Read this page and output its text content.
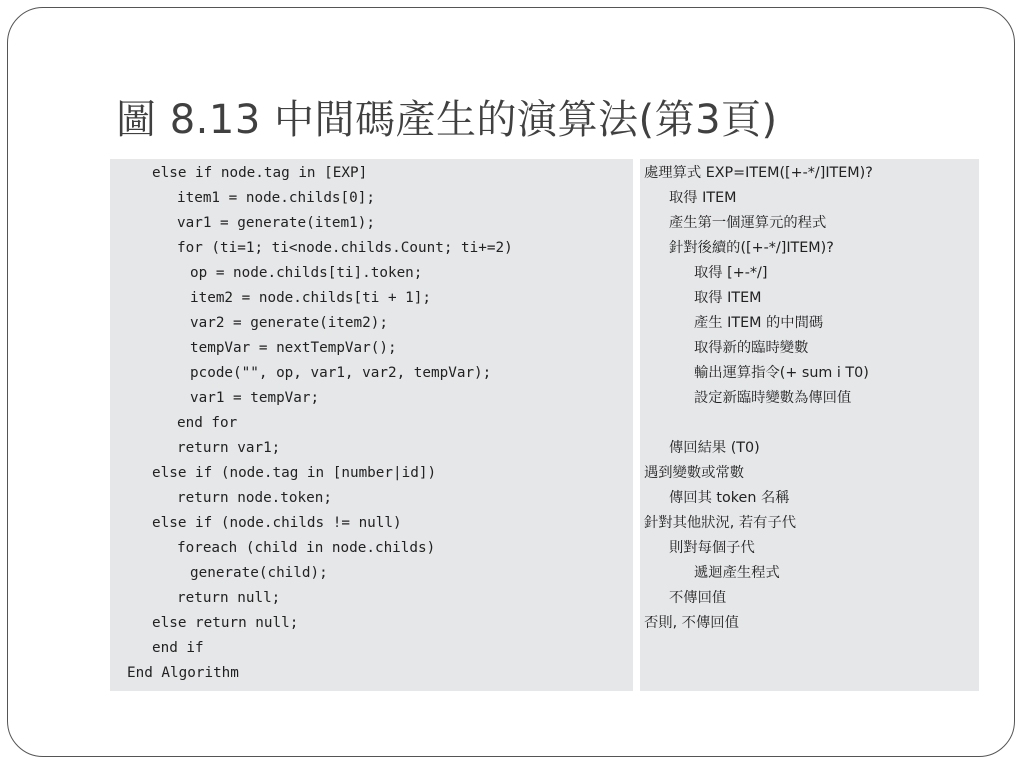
圖 8.13 中間碼產生的演算法(第3頁)
else if node.tag in [EXP]
item1 = node.childs[0];
var1 = generate(item1);
for (ti=1; ti<node.childs.Count; ti+=2)
op = node.childs[ti].token;
item2 = node.childs[ti + 1];
var2 = generate(item2);
tempVar = nextTempVar();
pcode("", op, var1, var2, tempVar);
var1 = tempVar;
end for
return var1;
else if (node.tag in [number|id])
return node.token;
else if (node.childs != null)
foreach (child in node.childs)
generate(child);
return null;
else return null;
end if
End Algorithm
處理算式 EXP=ITEM([+-*/]ITEM)?
取得 ITEM
產生第一個運算元的程式
針對後續的([+-*/]ITEM)?
取得 [+-*/]
取得 ITEM
產生 ITEM 的中間碼
取得新的臨時變數
輸出運算指令(+ sum i T0)
設定新臨時變數為傳回值
傳回結果 (T0)
遇到變數或常數
傳回其 token 名稱
針對其他狀況, 若有子代
則對每個子代
遞迴產生程式
不傳回值
否則, 不傳回值
